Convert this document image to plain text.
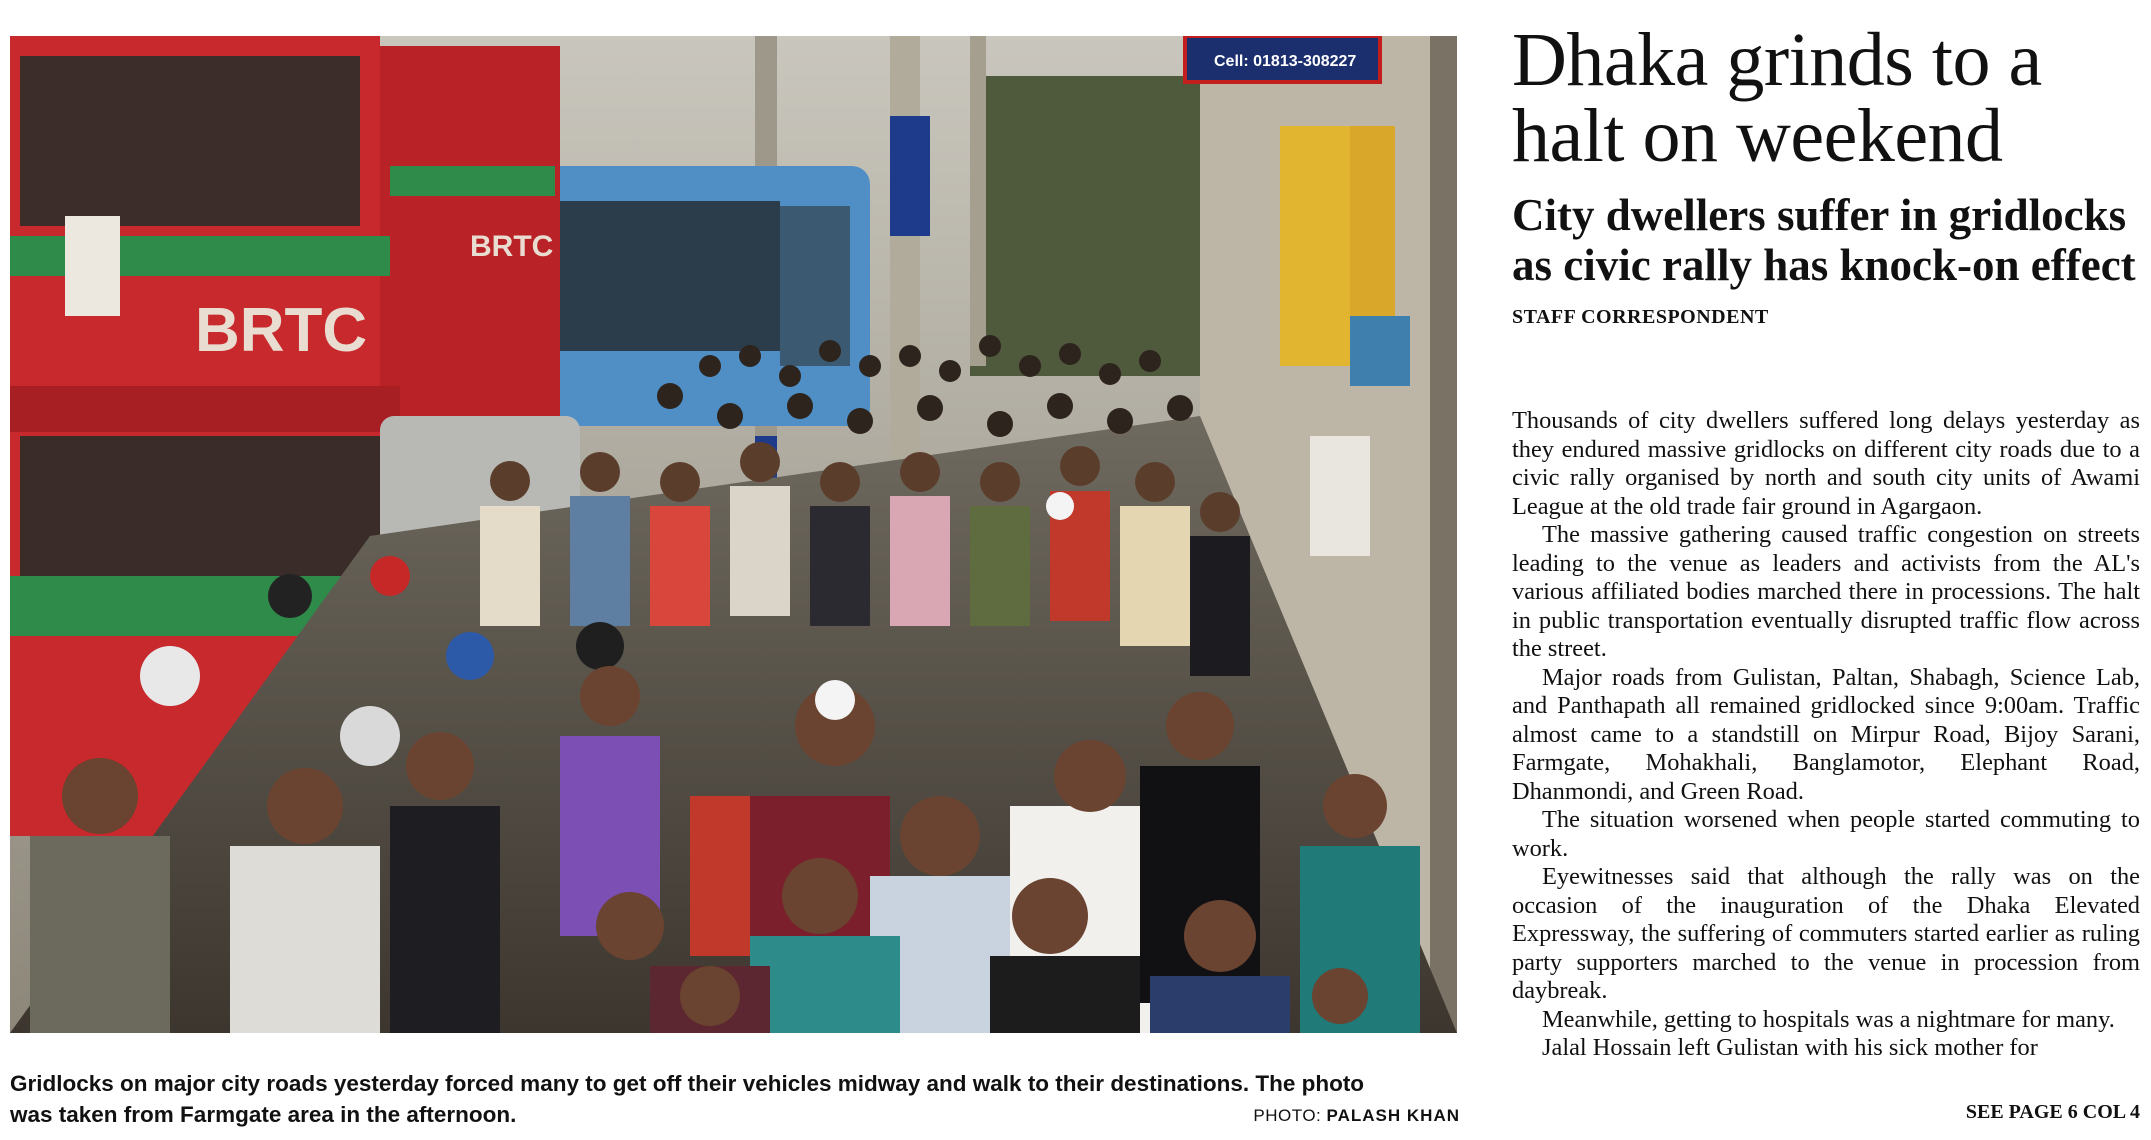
Cell: 01813-308227
BRTC
BRTC
Gridlocks on major city roads yesterday forced many to get off their vehicles midway and walk to their destinations. The photo was taken from Farmgate area in the afternoon.	PHOTO: PALASH KHAN
Dhaka grinds to a halt on weekend
City dwellers suffer in gridlocks as civic rally has knock-on effect
STAFF CORRESPONDENT

Thousands of city dwellers suffered long delays yesterday as they endured massive gridlocks on different city roads due to a civic rally organised by north and south city units of Awami League at the old trade fair ground in Agargaon.

The massive gathering caused traffic congestion on streets leading to the venue as leaders and activists from the AL's various affiliated bodies marched there in processions. The halt in public transportation eventually disrupted traffic flow across the street.

Major roads from Gulistan, Paltan, Shabagh, Science Lab, and Panthapath all remained gridlocked since 9:00am. Traffic almost came to a standstill on Mirpur Road, Bijoy Sarani, Farmgate, Mohakhali, Banglamotor, Elephant Road, Dhanmondi, and Green Road.

The situation worsened when people started commuting to work.

Eyewitnesses said that although the rally was on the occasion of the inauguration of the Dhaka Elevated Expressway, the suffering of commuters started earlier as ruling party supporters marched to the venue in procession from daybreak.

Meanwhile, getting to hospitals was a nightmare for many.

Jalal Hossain left Gulistan with his sick mother for

SEE PAGE 6 COL 4
